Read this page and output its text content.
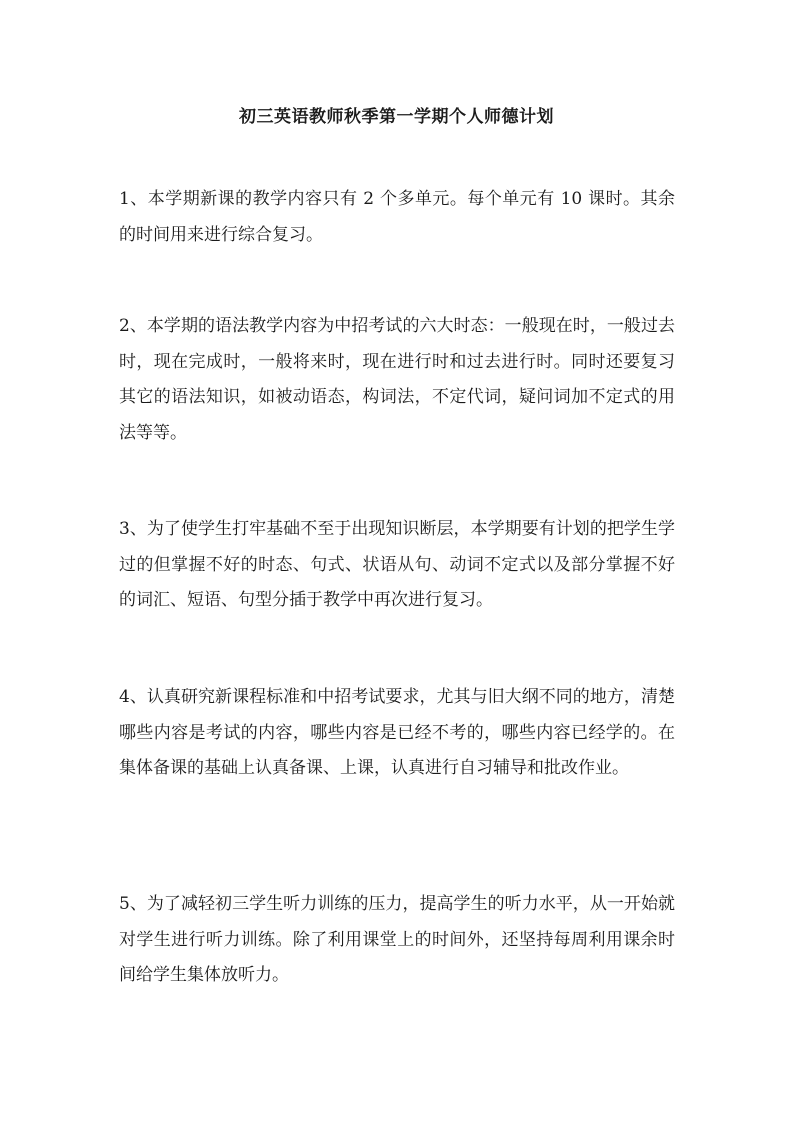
初三英语教师秋季第一学期个人师德计划

1、本学期新课的教学内容只有 2 个多单元。每个单元有 10 课时。其余的时间用来进行综合复习。

2、本学期的语法教学内容为中招考试的六大时态：一般现在时，一般过去时，现在完成时，一般将来时，现在进行时和过去进行时。同时还要复习其它的语法知识，如被动语态，构词法，不定代词，疑问词加不定式的用法等等。

3、为了使学生打牢基础不至于出现知识断层，本学期要有计划的把学生学过的但掌握不好的时态、句式、状语从句、动词不定式以及部分掌握不好的词汇、短语、句型分插于教学中再次进行复习。

4、认真研究新课程标准和中招考试要求，尤其与旧大纲不同的地方，清楚哪些内容是考试的内容，哪些内容是已经不考的，哪些内容已经学的。在集体备课的基础上认真备课、上课，认真进行自习辅导和批改作业。

5、为了减轻初三学生听力训练的压力，提高学生的听力水平，从一开始就对学生进行听力训练。除了利用课堂上的时间外，还坚持每周利用课余时间给学生集体放听力。
